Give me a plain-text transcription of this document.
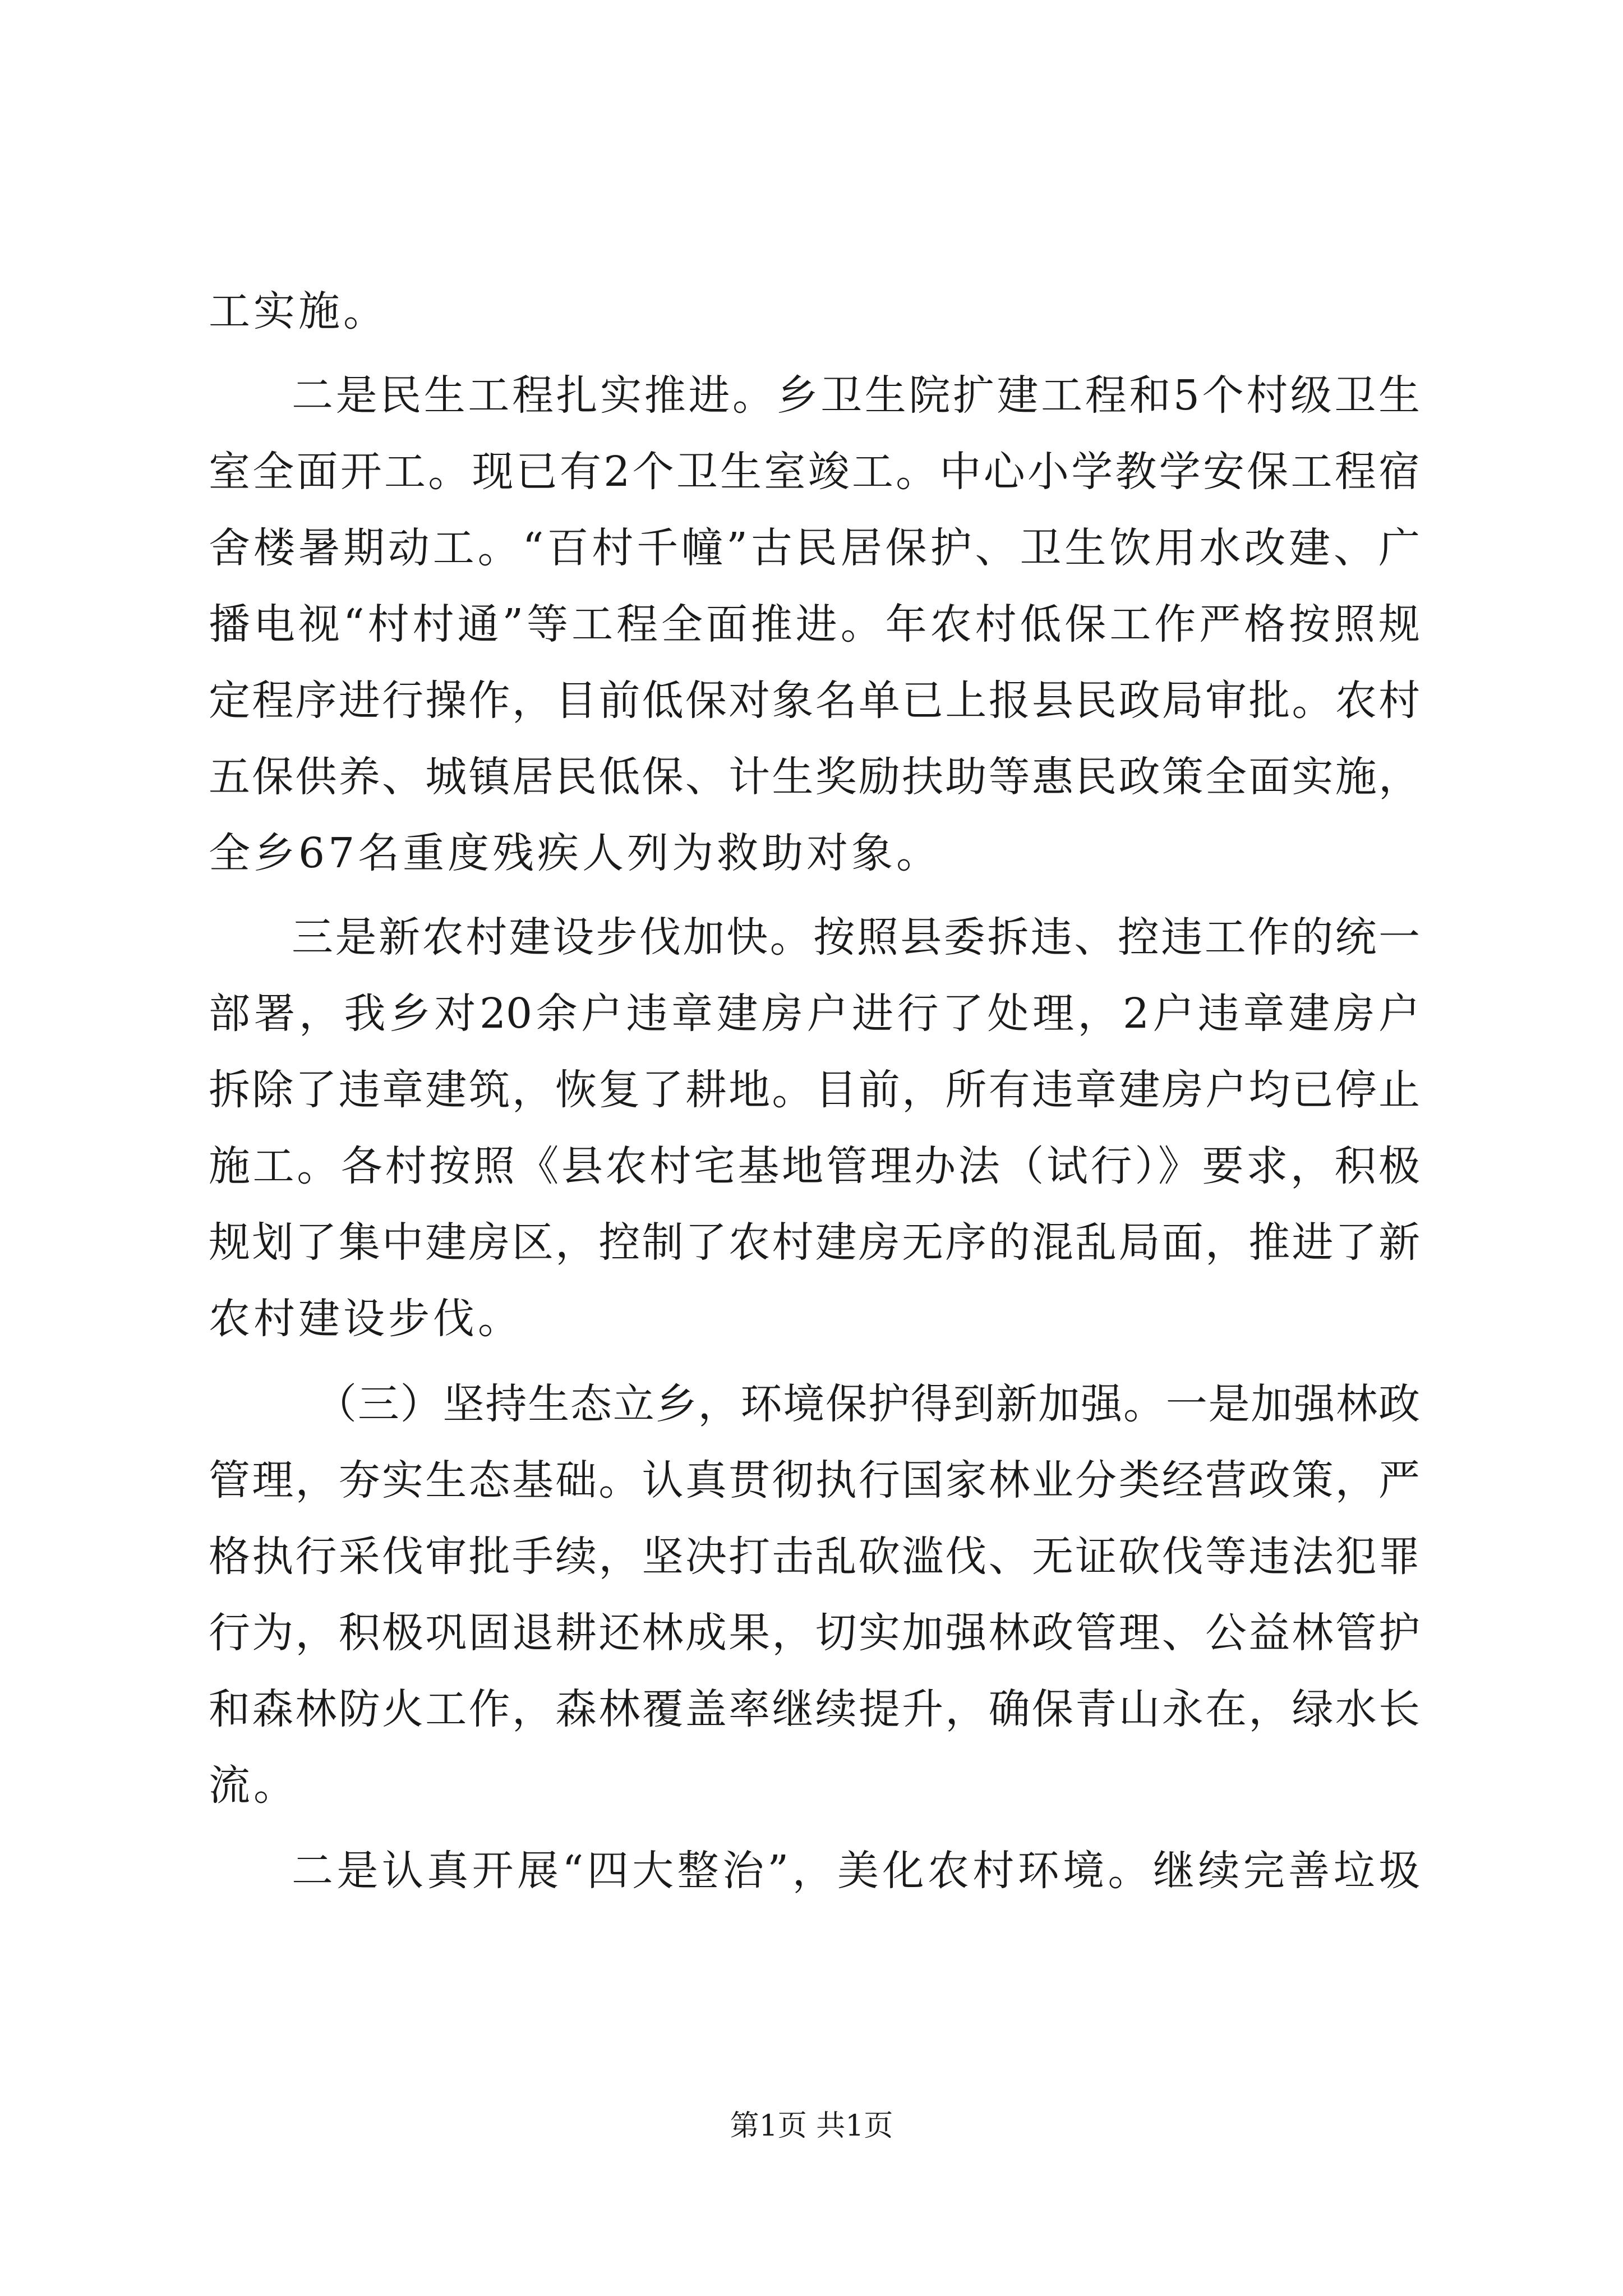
工实施。
二是民生工程扎实推进。乡卫生院扩建工程和5个村级卫生
室全面开工。现已有2个卫生室竣工。中心小学教学安保工程宿
舍楼暑期动工。“百村千幢”古民居保护、卫生饮用水改建、广
播电视“村村通”等工程全面推进。年农村低保工作严格按照规
定程序进行操作，目前低保对象名单已上报县民政局审批。农村
五保供养、城镇居民低保、计生奖励扶助等惠民政策全面实施，
全乡67名重度残疾人列为救助对象。
三是新农村建设步伐加快。按照县委拆违、控违工作的统一
部署，我乡对20余户违章建房户进行了处理，2户违章建房户
拆除了违章建筑，恢复了耕地。目前，所有违章建房户均已停止
施工。各村按照《县农村宅基地管理办法（试行）》要求，积极
规划了集中建房区，控制了农村建房无序的混乱局面，推进了新
农村建设步伐。
（三）坚持生态立乡，环境保护得到新加强。一是加强林政
管理，夯实生态基础。认真贯彻执行国家林业分类经营政策，严
格执行采伐审批手续，坚决打击乱砍滥伐、无证砍伐等违法犯罪
行为，积极巩固退耕还林成果，切实加强林政管理、公益林管护
和森林防火工作，森林覆盖率继续提升，确保青山永在，绿水长
流。
二是认真开展“四大整治”，美化农村环境。继续完善垃圾
第1页 共1页
